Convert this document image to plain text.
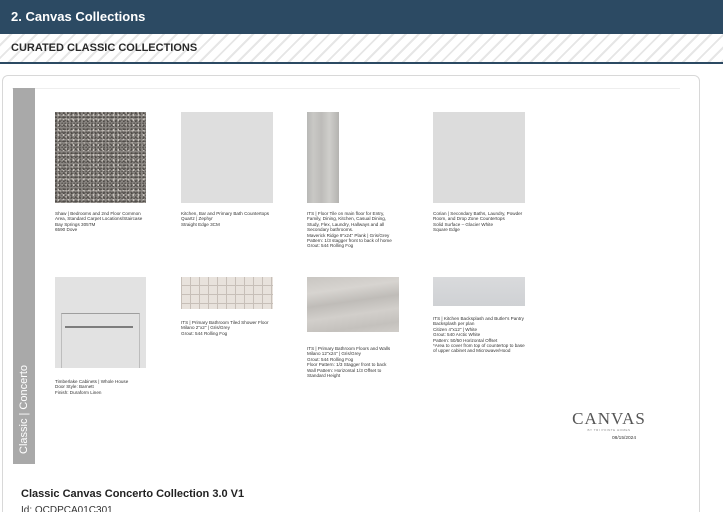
2. Canvas Collections
CURATED CLASSIC COLLECTIONS
Classic | Concerto
Shaw | Bedrooms and 2nd Floor Common
Area, Standard Carpet Locations/Staircase
Bay Springs 305TM
6590 Dove
Kitchen, Bar and Primary Bath Countertops
Quartz | Zephyr
Straight Edge 3CM
ITS | Floor Tile on main floor for Entry,
Family, Dining, Kitchen, Casual Dining,
Study, Flex, Laundry, Hallways and all
Secondary bathrooms.
Maverick Ridge 9"x24" Plank | Gris/Grey
Pattern: 1/3 stagger front to back of home
Grout: 544 Rolling Fog
Corian | Secondary Baths, Laundry, Powder
Room, and Drop Zone Countertops
Solid Surface – Glacier White
Square Edge
Timberlake Cabinets | Whole House
Door Style: Barnett
Finish: Duraform Linen
ITS | Primary Bathroom Tiled Shower Floor
Milano 2"x2" | Gris/Grey
Grout: 544 Rolling Fog
ITS | Primary Bathroom Floors and Walls
Milano 12"x24" | Gris/Grey
Grout: 544 Rolling Fog
Floor Pattern: 1/3 Stagger front to back
Wall Pattern: Horizontal 1/3 Offset to
Standard Height
ITS | Kitchen Backsplash and Butler's Pantry
Backsplash per plan
Citizen 4"x12" | White
Grout: 540 Arctic White
Pattern: 50/50 Horizontal Offset
*Area to cover from top of countertop to base
of upper cabinet and Microwave/Hood
CANVAS
BY TRI POINTE HOMES
08/15/2024
Classic Canvas Concerto Collection 3.0 V1
Id: OCDPCA01C301
